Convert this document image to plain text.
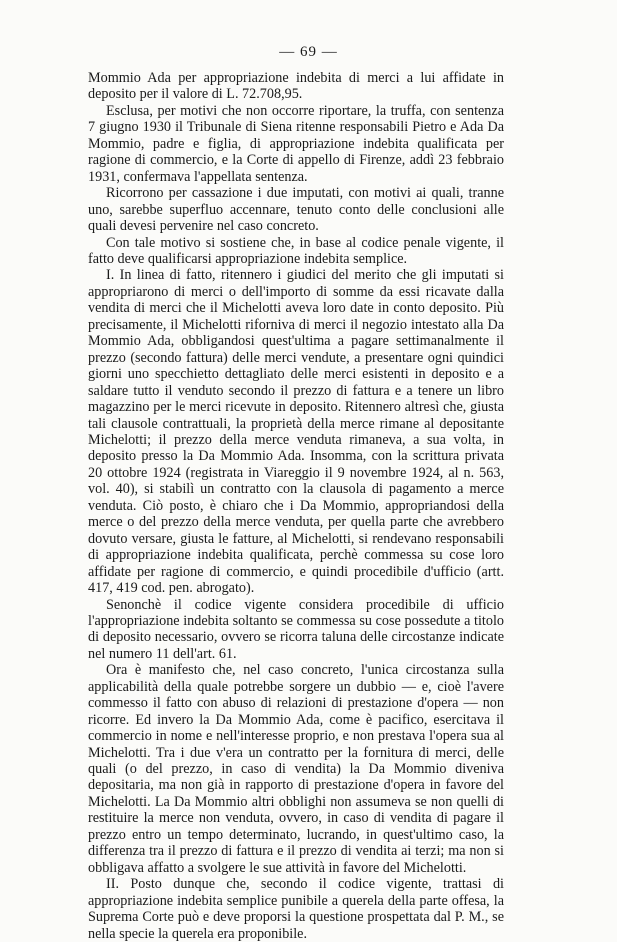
— 69 —

Mommio Ada per appropriazione indebita di merci a lui affidate in deposito per il valore di L. 72.708,95.

Esclusa, per motivi che non occorre riportare, la truffa, con sentenza 7 giugno 1930 il Tribunale di Siena ritenne responsabili Pietro e Ada Da Mommio, padre e figlia, di appropriazione indebita qualificata per ragione di commercio, e la Corte di appello di Firenze, addì 23 febbraio 1931, confermava l'appellata sentenza.

Ricorrono per cassazione i due imputati, con motivi ai quali, tranne uno, sarebbe superfluo accennare, tenuto conto delle conclusioni alle quali devesi pervenire nel caso concreto.

Con tale motivo si sostiene che, in base al codice penale vigente, il fatto deve qualificarsi appropriazione indebita semplice.

I. In linea di fatto, ritennero i giudici del merito che gli imputati si appropriarono di merci o dell'importo di somme da essi ricavate dalla vendita di merci che il Michelotti aveva loro date in conto deposito. Più precisamente, il Michelotti riforniva di merci il negozio intestato alla Da Mommio Ada, obbligandosi quest'ultima a pagare settimanalmente il prezzo (secondo fattura) delle merci vendute, a presentare ogni quindici giorni uno specchietto dettagliato delle merci esistenti in deposito e a saldare tutto il venduto secondo il prezzo di fattura e a tenere un libro magazzino per le merci ricevute in deposito. Ritennero altresì che, giusta tali clausole contrattuali, la proprietà della merce rimane al depositante Michelotti; il prezzo della merce venduta rimaneva, a sua volta, in deposito presso la Da Mommio Ada. Insomma, con la scrittura privata 20 ottobre 1924 (registrata in Viareggio il 9 novembre 1924, al n. 563, vol. 40), si stabilì un contratto con la clausola di pagamento a merce venduta. Ciò posto, è chiaro che i Da Mommio, appropriandosi della merce o del prezzo della merce venduta, per quella parte che avrebbero dovuto versare, giusta le fatture, al Michelotti, si rendevano responsabili di appropriazione indebita qualificata, perchè commessa su cose loro affidate per ragione di commercio, e quindi procedibile d'ufficio (artt. 417, 419 cod. pen. abrogato).

Senonchè il codice vigente considera procedibile di ufficio l'appropriazione indebita soltanto se commessa su cose possedute a titolo di deposito necessario, ovvero se ricorra taluna delle circostanze indicate nel numero 11 dell'art. 61.

Ora è manifesto che, nel caso concreto, l'unica circostanza sulla applicabilità della quale potrebbe sorgere un dubbio — e, cioè l'avere commesso il fatto con abuso di relazioni di prestazione d'opera — non ricorre. Ed invero la Da Mommio Ada, come è pacifico, esercitava il commercio in nome e nell'interesse proprio, e non prestava l'opera sua al Michelotti. Tra i due v'era un contratto per la fornitura di merci, delle quali (o del prezzo, in caso di vendita) la Da Mommio diveniva depositaria, ma non già in rapporto di prestazione d'opera in favore del Michelotti. La Da Mommio altri obblighi non assumeva se non quelli di restituire la merce non venduta, ovvero, in caso di vendita di pagare il prezzo entro un tempo determinato, lucrando, in quest'ultimo caso, la differenza tra il prezzo di fattura e il prezzo di vendita ai terzi; ma non si obbligava affatto a svolgere le sue attività in favore del Michelotti.

II. Posto dunque che, secondo il codice vigente, trattasi di appropriazione indebita semplice punibile a querela della parte offesa, la Suprema Corte può e deve proporsi la questione prospettata dal P. M., se nella specie la querela era proponibile.
